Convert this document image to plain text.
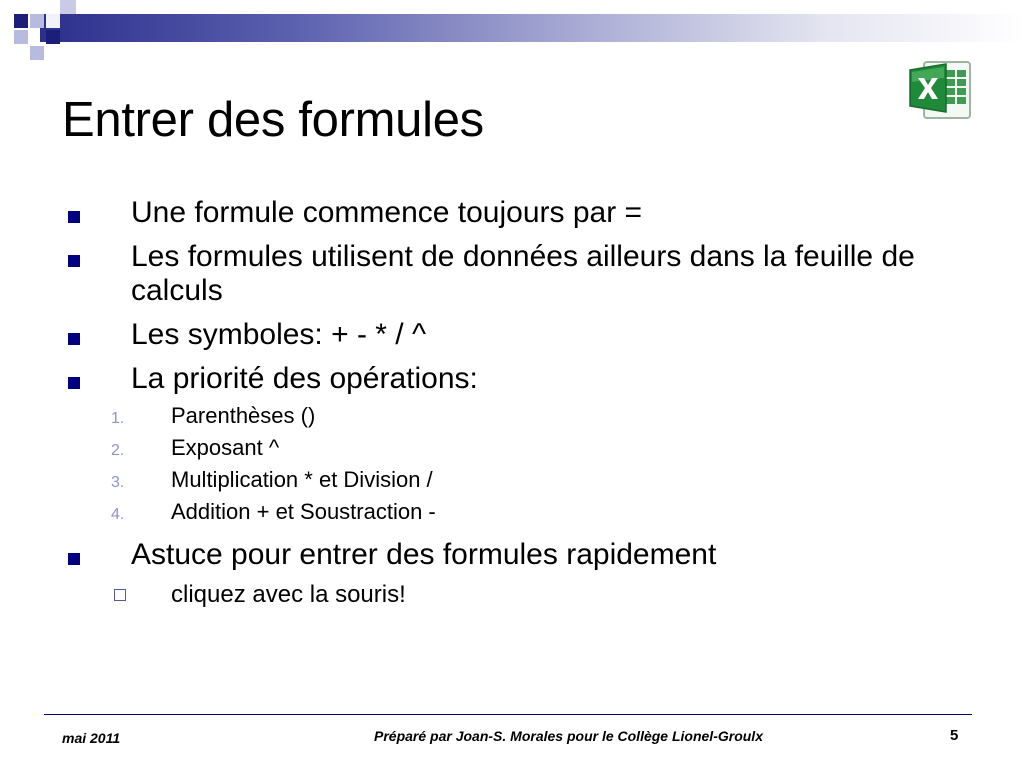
Entrer des formules
Une formule commence toujours par =
Les formules utilisent de données ailleurs dans la feuille de calculs
Les symboles: + - * / ^
La priorité des opérations:
1. Parenthèses ()
2. Exposant ^
3. Multiplication * et Division /
4. Addition + et Soustraction -
Astuce pour entrer des formules rapidement
cliquez avec la souris!
mai 2011	Préparé par Joan-S. Morales pour le Collège Lionel-Groulx	5
